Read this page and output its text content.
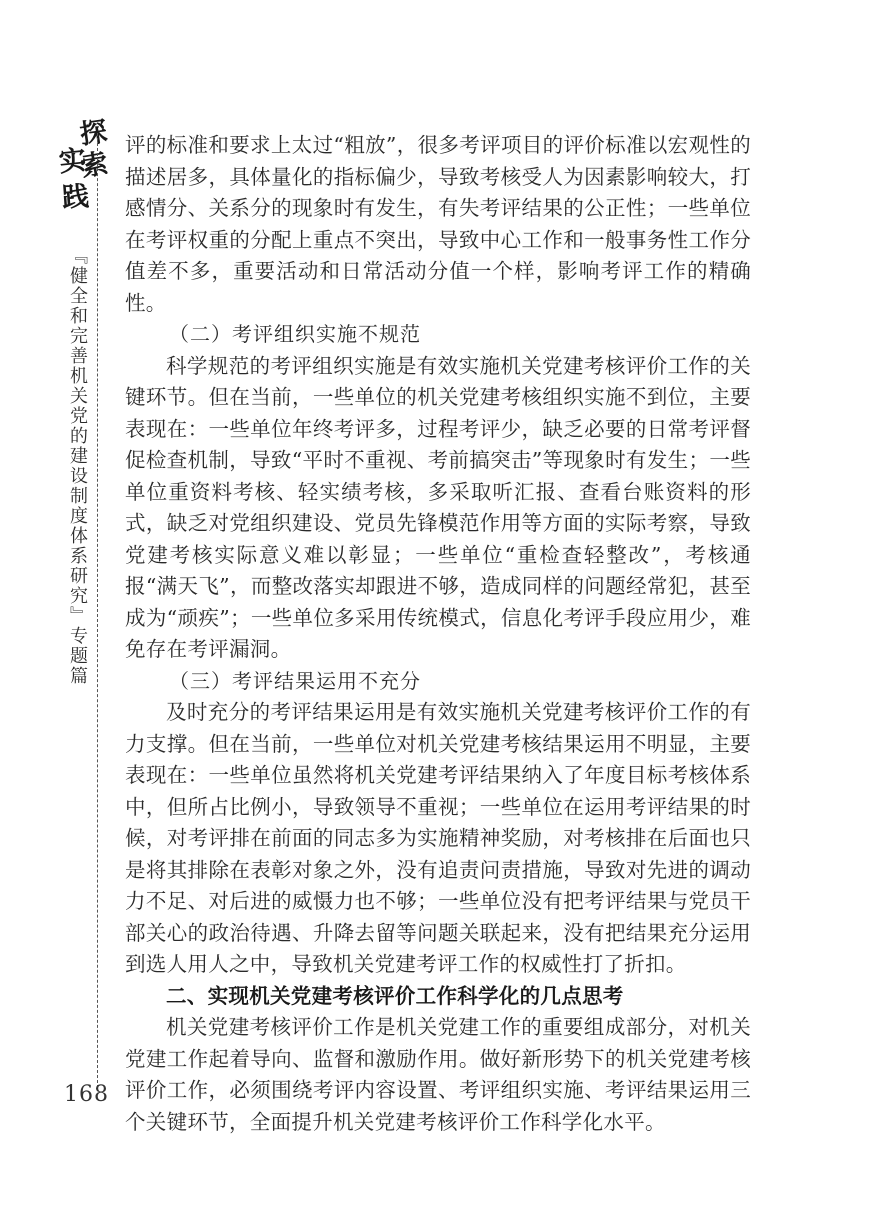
探
实
索
践
『健全和完善机关党的建设制度体系研究』专题篇
168

评的标准和要求上太过“粗放”，很多考评项目的评价标准以宏观性的描述居多，具体量化的指标偏少，导致考核受人为因素影响较大，打感情分、关系分的现象时有发生，有失考评结果的公正性；一些单位在考评权重的分配上重点不突出，导致中心工作和一般事务性工作分值差不多，重要活动和日常活动分值一个样，影响考评工作的精确性。

（二）考评组织实施不规范

科学规范的考评组织实施是有效实施机关党建考核评价工作的关键环节。但在当前，一些单位的机关党建考核组织实施不到位，主要表现在：一些单位年终考评多，过程考评少，缺乏必要的日常考评督促检查机制，导致“平时不重视、考前搞突击”等现象时有发生；一些单位重资料考核、轻实绩考核，多采取听汇报、查看台账资料的形式，缺乏对党组织建设、党员先锋模范作用等方面的实际考察，导致党建考核实际意义难以彰显；一些单位“重检查轻整改”，考核通报“满天飞”，而整改落实却跟进不够，造成同样的问题经常犯，甚至成为“顽疾”；一些单位多采用传统模式，信息化考评手段应用少，难免存在考评漏洞。

（三）考评结果运用不充分

及时充分的考评结果运用是有效实施机关党建考核评价工作的有力支撑。但在当前，一些单位对机关党建考核结果运用不明显，主要表现在：一些单位虽然将机关党建考评结果纳入了年度目标考核体系中，但所占比例小，导致领导不重视；一些单位在运用考评结果的时候，对考评排在前面的同志多为实施精神奖励，对考核排在后面也只是将其排除在表彰对象之外，没有追责问责措施，导致对先进的调动力不足、对后进的威慑力也不够；一些单位没有把考评结果与党员干部关心的政治待遇、升降去留等问题关联起来，没有把结果充分运用到选人用人之中，导致机关党建考评工作的权威性打了折扣。

二、实现机关党建考核评价工作科学化的几点思考

机关党建考核评价工作是机关党建工作的重要组成部分，对机关党建工作起着导向、监督和激励作用。做好新形势下的机关党建考核评价工作，必须围绕考评内容设置、考评组织实施、考评结果运用三个关键环节，全面提升机关党建考核评价工作科学化水平。
